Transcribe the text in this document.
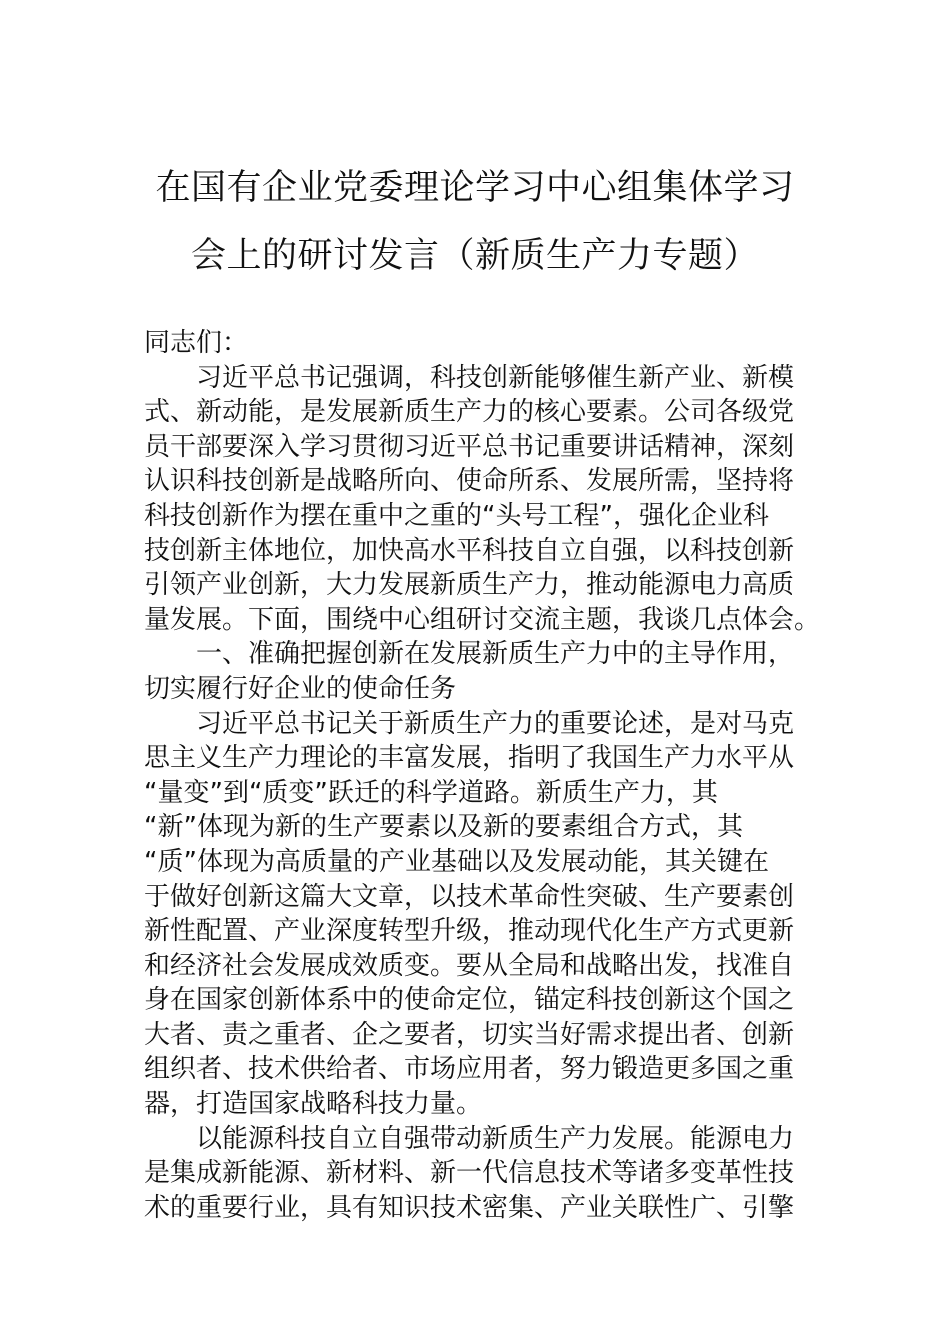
在国有企业党委理论学习中心组集体学习
会上的研讨发言（新质生产力专题）
同志们：
习近平总书记强调，科技创新能够催生新产业、新模
式、新动能，是发展新质生产力的核心要素。公司各级党
员干部要深入学习贯彻习近平总书记重要讲话精神，深刻
认识科技创新是战略所向、使命所系、发展所需，坚持将
科技创新作为摆在重中之重的“头号工程”，强化企业科
技创新主体地位，加快高水平科技自立自强，以科技创新
引领产业创新，大力发展新质生产力，推动能源电力高质
量发展。下面，围绕中心组研讨交流主题，我谈几点体会。
一、准确把握创新在发展新质生产力中的主导作用，
切实履行好企业的使命任务
习近平总书记关于新质生产力的重要论述，是对马克
思主义生产力理论的丰富发展，指明了我国生产力水平从
“量变”到“质变”跃迁的科学道路。新质生产力，其
“新”体现为新的生产要素以及新的要素组合方式，其
“质”体现为高质量的产业基础以及发展动能，其关键在
于做好创新这篇大文章，以技术革命性突破、生产要素创
新性配置、产业深度转型升级，推动现代化生产方式更新
和经济社会发展成效质变。要从全局和战略出发，找准自
身在国家创新体系中的使命定位，锚定科技创新这个国之
大者、责之重者、企之要者，切实当好需求提出者、创新
组织者、技术供给者、市场应用者，努力锻造更多国之重
器，打造国家战略科技力量。
以能源科技自立自强带动新质生产力发展。能源电力
是集成新能源、新材料、新一代信息技术等诸多变革性技
术的重要行业，具有知识技术密集、产业关联性广、引擎
